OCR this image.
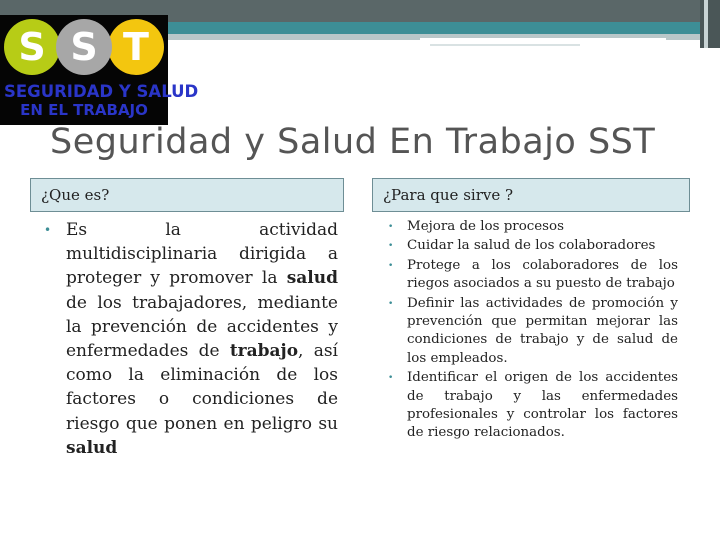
S S T
SEGURIDAD Y SALUD
EN EL TRABAJO
Seguridad y Salud En Trabajo SST
¿Que es?	¿Para que sirve ?
• Es la actividad multidisciplinaria dirigida a proteger y promover la salud de los trabajadores, mediante la prevención de accidentes y enfermedades de trabajo, así como la eliminación de los factores o condiciones de riesgo que ponen en peligro su salud
•	Mejora de los procesos
•	Cuidar la salud de los colaboradores
•	Protege a los colaboradores de los riegos asociados a su puesto de trabajo
•	Definir las actividades de promoción y prevención que permitan mejorar las condiciones de trabajo y de salud de los empleados.
•	Identificar el origen de los accidentes de trabajo y las enfermedades profesionales y controlar los factores de riesgo relacionados.
